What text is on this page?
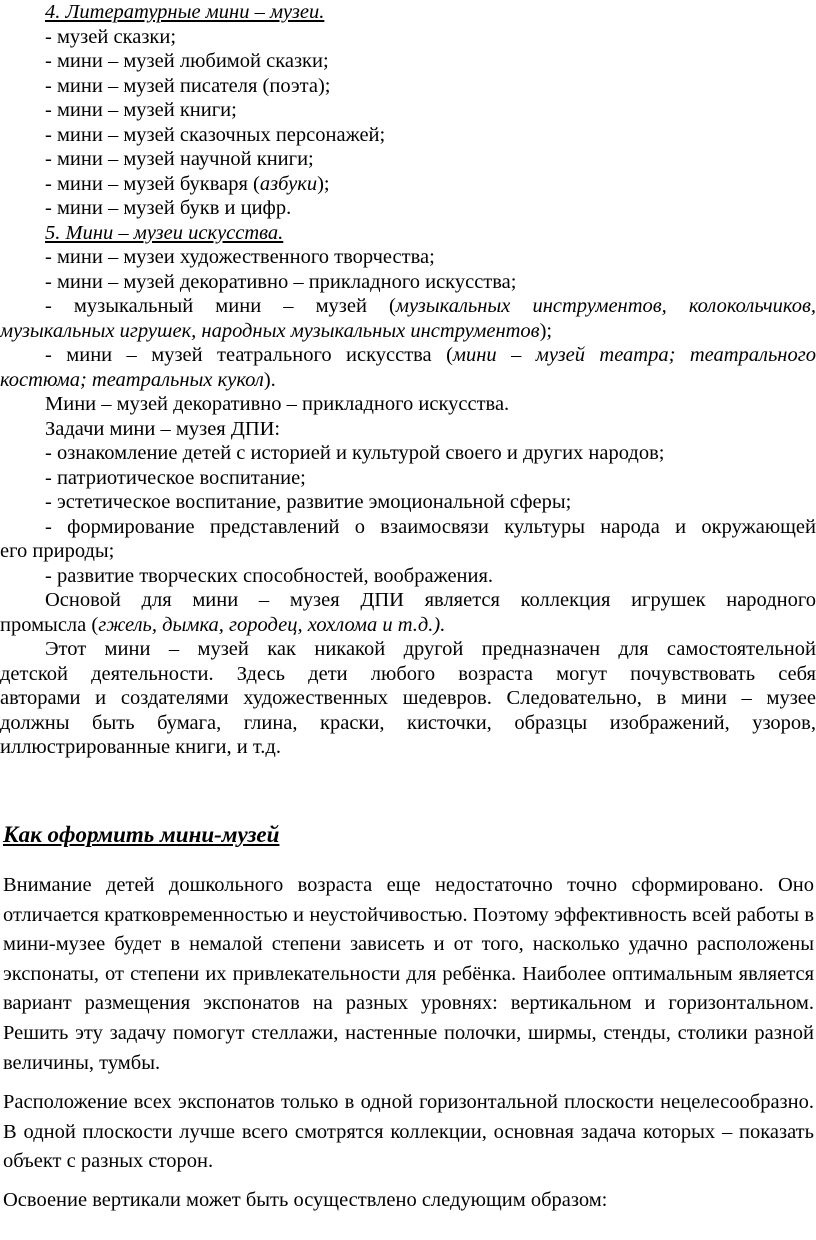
4. Литературные мини – музеи.
- музей сказки;
- мини – музей любимой сказки;
- мини – музей писателя (поэта);
- мини – музей книги;
- мини – музей сказочных персонажей;
- мини – музей научной книги;
- мини – музей букваря (азбуки);
- мини – музей букв и цифр.
5. Мини – музеи искусства.
- мини – музеи художественного творчества;
- мини – музей декоративно – прикладного искусства;
- музыкальный мини – музей (музыкальных инструментов, колокольчиков,
музыкальных игрушек, народных музыкальных инструментов);
- мини – музей театрального искусства (мини – музей театра; театрального
костюма; театральных кукол).
Мини – музей декоративно – прикладного искусства.
Задачи мини – музея ДПИ:
- ознакомление детей с историей и культурой своего и других народов;
- патриотическое воспитание;
- эстетическое воспитание, развитие эмоциональной сферы;
- формирование представлений о взаимосвязи культуры народа и окружающей
его природы;
- развитие творческих способностей, воображения.
Основой для мини – музея ДПИ является коллекция игрушек народного
промысла (гжель, дымка, городец, хохлома и т.д.).
Этот мини – музей как никакой другой предназначен для самостоятельной
детской деятельности. Здесь дети любого возраста могут почувствовать себя
авторами и создателями художественных шедевров. Следовательно, в мини – музее
должны быть бумага, глина, краски, кисточки, образцы изображений, узоров,
иллюстрированные книги, и т.д.
Как оформить мини-музей
Внимание детей дошкольного возраста еще недостаточно точно сформировано. Оно отличается кратковременностью и неустойчивостью. Поэтому эффективность всей работы в мини-музее будет в немалой степени зависеть и от того, насколько удачно расположены экспонаты, от степени их привлекательности для ребёнка. Наиболее оптимальным является вариант размещения экспонатов на разных уровнях: вертикальном и горизонтальном. Решить эту задачу помогут стеллажи, настенные полочки, ширмы, стенды, столики разной величины, тумбы.
Расположение всех экспонатов только в одной горизонтальной плоскости нецелесообразно. В одной плоскости лучше всего смотрятся коллекции, основная задача которых – показать объект с разных сторон.
Освоение вертикали может быть осуществлено следующим образом:
